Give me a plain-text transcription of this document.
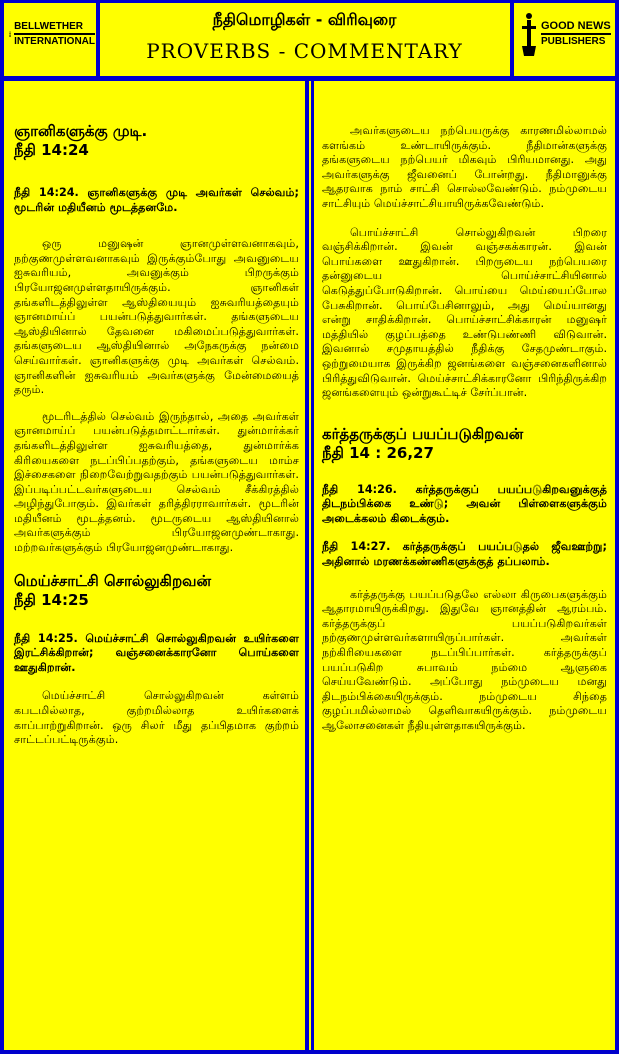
BELLWETHER
INTERNATIONAL
நீதிமொழிகள் - விரிவுரை
PROVERBS - COMMENTARY
GOOD NEWS
PUBLISHERS
ஞானிகளுக்கு முடி.
நீதி 14:24

நீதி 14:24. ஞானிகளுக்கு முடி அவர்கள் செல்வம்; மூடரின் மதியீனம் மூடத்தனமே.

ஒரு மனுஷன் ஞானமுள்ளவனாகவும், நற்குணமுள்ளவனாகவும் இருக்கும்போது அவனுடைய ஐசுவரியம், அவனுக்கும் பிறருக்கும் பிரயோஜனமுள்ளதாயிருக்கும். ஞானிகள் தங்களிடத்திலுள்ள ஆஸ்தியையும் ஐசுவரியத்தையும் ஞானமாய்ப் பயன்படுத்துவார்கள். தங்களுடைய ஆஸ்தியினால் தேவனை மகிமைப்படுத்துவார்கள். தங்களுடைய ஆஸ்தியினால் அநேகருக்கு நன்மை செய்வார்கள். ஞானிகளுக்கு முடி அவர்கள் செல்வம். ஞானிகளின் ஐசுவரியம் அவர்களுக்கு மேன்மையைத் தரும்.

மூடரிடத்தில் செல்வம் இருந்தால், அதை அவர்கள் ஞானமாய்ப் பயன்படுத்தமாட்டார்கள். துன்மார்க்கர் தங்களிடத்திலுள்ள ஐசுவரியத்தை, துன்மார்க்க கிரியைகளை நடப்பிப்பதற்கும், தங்களுடைய மாம்ச இச்சைகளை நிறைவேற்றுவதற்கும் பயன்படுத்துவார்கள். இப்படிப்பட்டவர்களுடைய செல்வம் சீக்கிரத்தில் அழிந்துபோகும். இவர்கள் தரித்திரராவார்கள். மூடரின் மதியீனம் மூடத்தனம். மூடருடைய ஆஸ்தியினால் அவர்களுக்கும் பிரயோஜனமுண்டாகாது. மற்றவர்களுக்கும் பிரயோஜனமுண்டாகாது.

மெய்ச்சாட்சி சொல்லுகிறவன்
நீதி 14:25

நீதி 14:25. மெய்ச்சாட்சி சொல்லுகிறவன் உயிர்களை இரட்சிக்கிறான்; வஞ்சனைக்காரனோ பொய்களை ஊதுகிறான்.

மெய்ச்சாட்சி சொல்லுகிறவன் கள்ளம் கபடமில்லாத, குற்றமில்லாத உயிர்களைக் காப்பாற்றுகிறான். ஒரு சிலர் மீது தப்பிதமாக குற்றம் சாட்டப்பட்டிருக்கும்.

அவர்களுடைய நற்பெயருக்கு காரணமில்லாமல் களங்கம் உண்டாயிருக்கும். நீதிமான்களுக்கு தங்களுடைய நற்பெயர் மிகவும் பிரியமானது. அது அவர்களுக்கு ஜீவனைப் போன்றது. நீதிமானுக்கு ஆதரவாக நாம் சாட்சி சொல்லவேண்டும். நம்முடைய சாட்சியும் மெய்ச்சாட்சியாயிருக்கவேண்டும்.

பொய்ச்சாட்சி சொல்லுகிறவன் பிறரை வஞ்சிக்கிறான். இவன் வஞ்சகக்காரன். இவன் பொய்களை ஊதுகிறான். பிறருடைய நற்பெயரை தன்னுடைய பொய்ச்சாட்சியினால் கெடுத்துப்போடுகிறான். பொய்யை மெய்யைப்போல பேசுகிறான். பொய்பேசினாலும், அது மெய்யானது என்று சாதிக்கிறான். பொய்ச்சாட்சிக்காரன் மனுஷர் மத்தியில் குழப்பத்தை உண்டுபண்ணி விடுவான். இவனால் சமுதாயத்தில் நீதிக்கு சேதமுண்டாகும். ஒற்றுமையாக இருக்கிற ஜனங்களை வஞ்சனைகளினால் பிரித்துவிடுவான். மெய்ச்சாட்சிக்காரனோ பிரிந்திருக்கிற ஜனங்களையும் ஒன்றுகூட்டிச் சேர்ப்பான்.

கர்த்தருக்குப் பயப்படுகிறவன்
நீதி 14 : 26,27

நீதி 14:26. கர்த்தருக்குப் பயப்படுகிறவனுக்குத் திடநம்பிக்கை உண்டு; அவன் பிள்ளைகளுக்கும் அடைக்கலம் கிடைக்கும்.

நீதி 14:27. கர்த்தருக்குப் பயப்படுதல் ஜீவஊற்று; அதினால் மரணக்கண்ணிகளுக்குத் தப்பலாம்.

கர்த்தருக்கு பயப்படுதலே எல்லா கிருபைகளுக்கும் ஆதாரமாயிருக்கிறது. இதுவே ஞானத்தின் ஆரம்பம். கர்த்தருக்குப் பயப்படுகிறவர்கள் நற்குணமுள்ளவர்களாயிருப்பார்கள். அவர்கள் நற்கிரியைகளை நடப்பிப்பார்கள். கர்த்தருக்குப் பயப்படுகிற சுபாவம் நம்மை ஆளுகை செய்யவேண்டும். அப்போது நம்முடைய மனது திடநம்பிக்கையிருக்கும். நம்முடைய சிந்தை குழப்பமில்லாமல் தெளிவாகயிருக்கும். நம்முடைய ஆலோசனைகள் நீதியுள்ளதாகயிருக்கும்.
